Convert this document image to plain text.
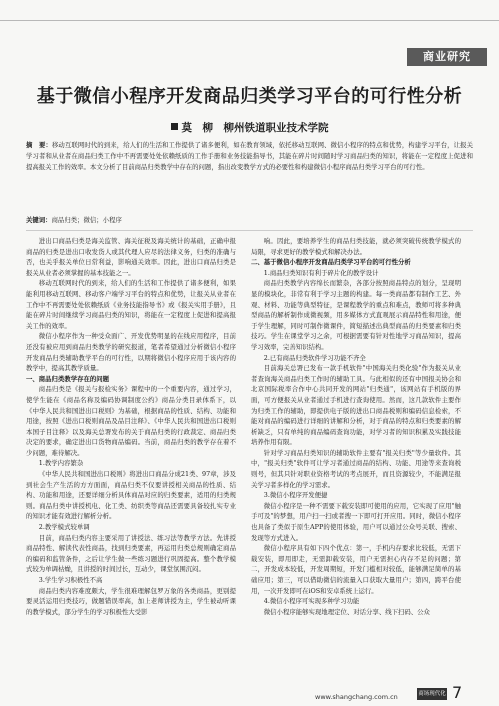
​	商业研究
基于微信小程序开发商品归类学习平台的可行性分析
莫　柳　柳州铁道职业技术学院
摘　要：移动互联网时代的到来，给人们的生活和工作提供了诸多便利，如在教育领域，依托移动互联网、微信小程序的特点和优势，构建学习平台，让报关学习者和从业者在商品归类工作中不再需要处处依赖纸质的工作手册和业务技能指导书，其能在碎片时间随时学习商品归类的知识，将能在一定程度上促进和提高报关工作的效率。本文分析了目前商品归类教学中存在的问题，指出改变教学方式的必要性和构建微信小程序商品归类学习平台的可行性。
关键词：商品归类；微信；小程序

进出口商品归类是海关监管、海关征税及海关统计的基础，正确申报商品的归类是进出口收发货人或其代理人应尽的法律义务，归类的准确与否，也关乎报关单位日常利益，影响通关效率。因此，进出口商品归类是报关从业者必须掌握的基本技能之一。

移动互联网时代的到来，给人们的生活和工作提供了诸多便利，如果能利用移动互联网、移动客户端学习平台的特点和优势，让报关从业者在工作中不再需要处处依赖纸质《业务技能指导书》或《报关实用手册》，且能在碎片时间继续学习商品归类的知识，将能在一定程度上促进和提高报关工作的效率。

微信小程序作为一种受众面广、开发优势明显的在线应用程序，目前还没有被应用到商品归类教学的研究报道，笔者希望通过分析微信小程序开发商品归类辅助教学平台的可行性，以期将微信小程序应用于该内容的教学中，提高其教学质量。

一、商品归类教学存在的问题

商品归类是《报关与报检实务》课程中的一个重要内容，通过学习，使学生能在《商品名称及编码协调制度公约》商品分类目录体系下，以《中华人民共和国进出口税则》为基础，根据商品的性质、结构、功能和用途，按照《进出口税则商品及品目注释》、《中华人民共和国进出口税则本国子目注释》以及海关总署发布的关于商品归类的行政裁定、商品归类决定的要求，确定进出口货物商品编码。当前，商品归类的教学存在着不少问题，难待解决。

1.教学内容繁杂

《中华人民共和国进出口税则》将进出口商品分成21类、97章，涉及到社会生产生活的方方面面，商品归类不仅要讲授相关商品的性质、结构、功能和用途，还要详细分析具体商品对应的归类要素，适用的归类规则。商品归类中讲授机电、化工类、纺织类等商品还需要具备较扎实专业的知识才能有效进行解析分析。

2.教学模式较单调

目前，商品归类内容主要采用了讲授法、练习法等教学方法。先讲授商品特性、解读代表性商品，找到归类要素，再运用归类总规则确定商品的编码和监管条件，之后让学生做一些练习题进行巩固提高。整个教学模式较为单调枯燥，且讲授的时间过长，互动少，课堂氛围沉闷。

3.学生学习积极性不高

商品归类内容难度颇大，学生很难理解包罗万象的各类商品，更别提要灵活运用归类技巧，做题错误率高，加上老师讲授为主，学生被动听课的教学模式，部分学生的学习积极性大受影

响。因此，要培养学生的商品归类技能，就必须突破传统教学模式的局限，寻求更好的教学模式和解决办法。

二、基于微信小程序开发商品归类学习平台的可行性分析

1.商品归类知识有利于碎片化的教学设计

商品归类教学内容绵长而繁杂，各部分按照商品特点的划分，呈现明显的模块化，非常有利于学习主题的构建。每一类商品都有制作工艺、外观、材料、功能等典型特征，是课程教学的重点和难点，教师可将多种典型商品的解析制作成微视频，用多媒体方式直观展示商品特性和用途，便于学生理解，同时可制作微课件，简短描述出典型商品的归类要素和归类技巧。学生在课堂学习之余，可根据需要有针对性地学习商品知识，提高学习效率，完善知识结构。

2.已有商品归类软件学习功能不齐全

目前海关总署已发布一款手机软件"中国海关归类化验"作为报关从业者查询海关商品归类工作时的辅助工具。与此相似的还有中国报关协会和北京国际税率合作中心共同开发的网站"归类通"，该网站有手机版的界面，可方便报关从业者通过手机进行查询使用。然而，这几款软件主要作为归类工作的辅助，即提供电子版的进出口商品税则和编码信息检索，不能对商品的编码进行详细的讲解和分析，对于商品的特点和归类要素的解析缺乏，只有单纯的商品编码查询功能，对学习者的知识积累及实践技能培养作用有限。

针对学习商品归类知识的辅助软件主要有"报关归类"等少量软件。其中，"报关归类"软件可让学习者通过商品的结构、功能、用途等来查询税则号，但其只针对职业资格考试的考点展开，而且资源较少，不能满足报关学习者多样化的学习需求。

3.微信小程序开发便捷

微信小程序是一种不需要下载安装即可使用的应用，它实现了应用"触手可及"的梦想，用户扫一扫或者搜一下即可打开应用。同时，微信小程序也具备了类似于原生APP的使用体验，用户可以通过公众号关联、搜索、发现等方式进入。

微信小程序具有如下四个优点：第一，手机内存要求比较低，无需下载安装，即用即走，无需卸载安装，用户无需担心内存不足的问题；第二，开发成本较低，开发周期短，开发门槛相对较低，能够满足简单的基础应用；第三，可以借助微信的流量入口获取大量用户；第四，跨平台使用，一次开发即可在iOS和安卓系统上运行。

4.微信小程序可实现多种学习功能

微信小程序能够实现地理定位、对话分享、线下扫码、公众

www.shangchang.com.cn	商场现代化 7
